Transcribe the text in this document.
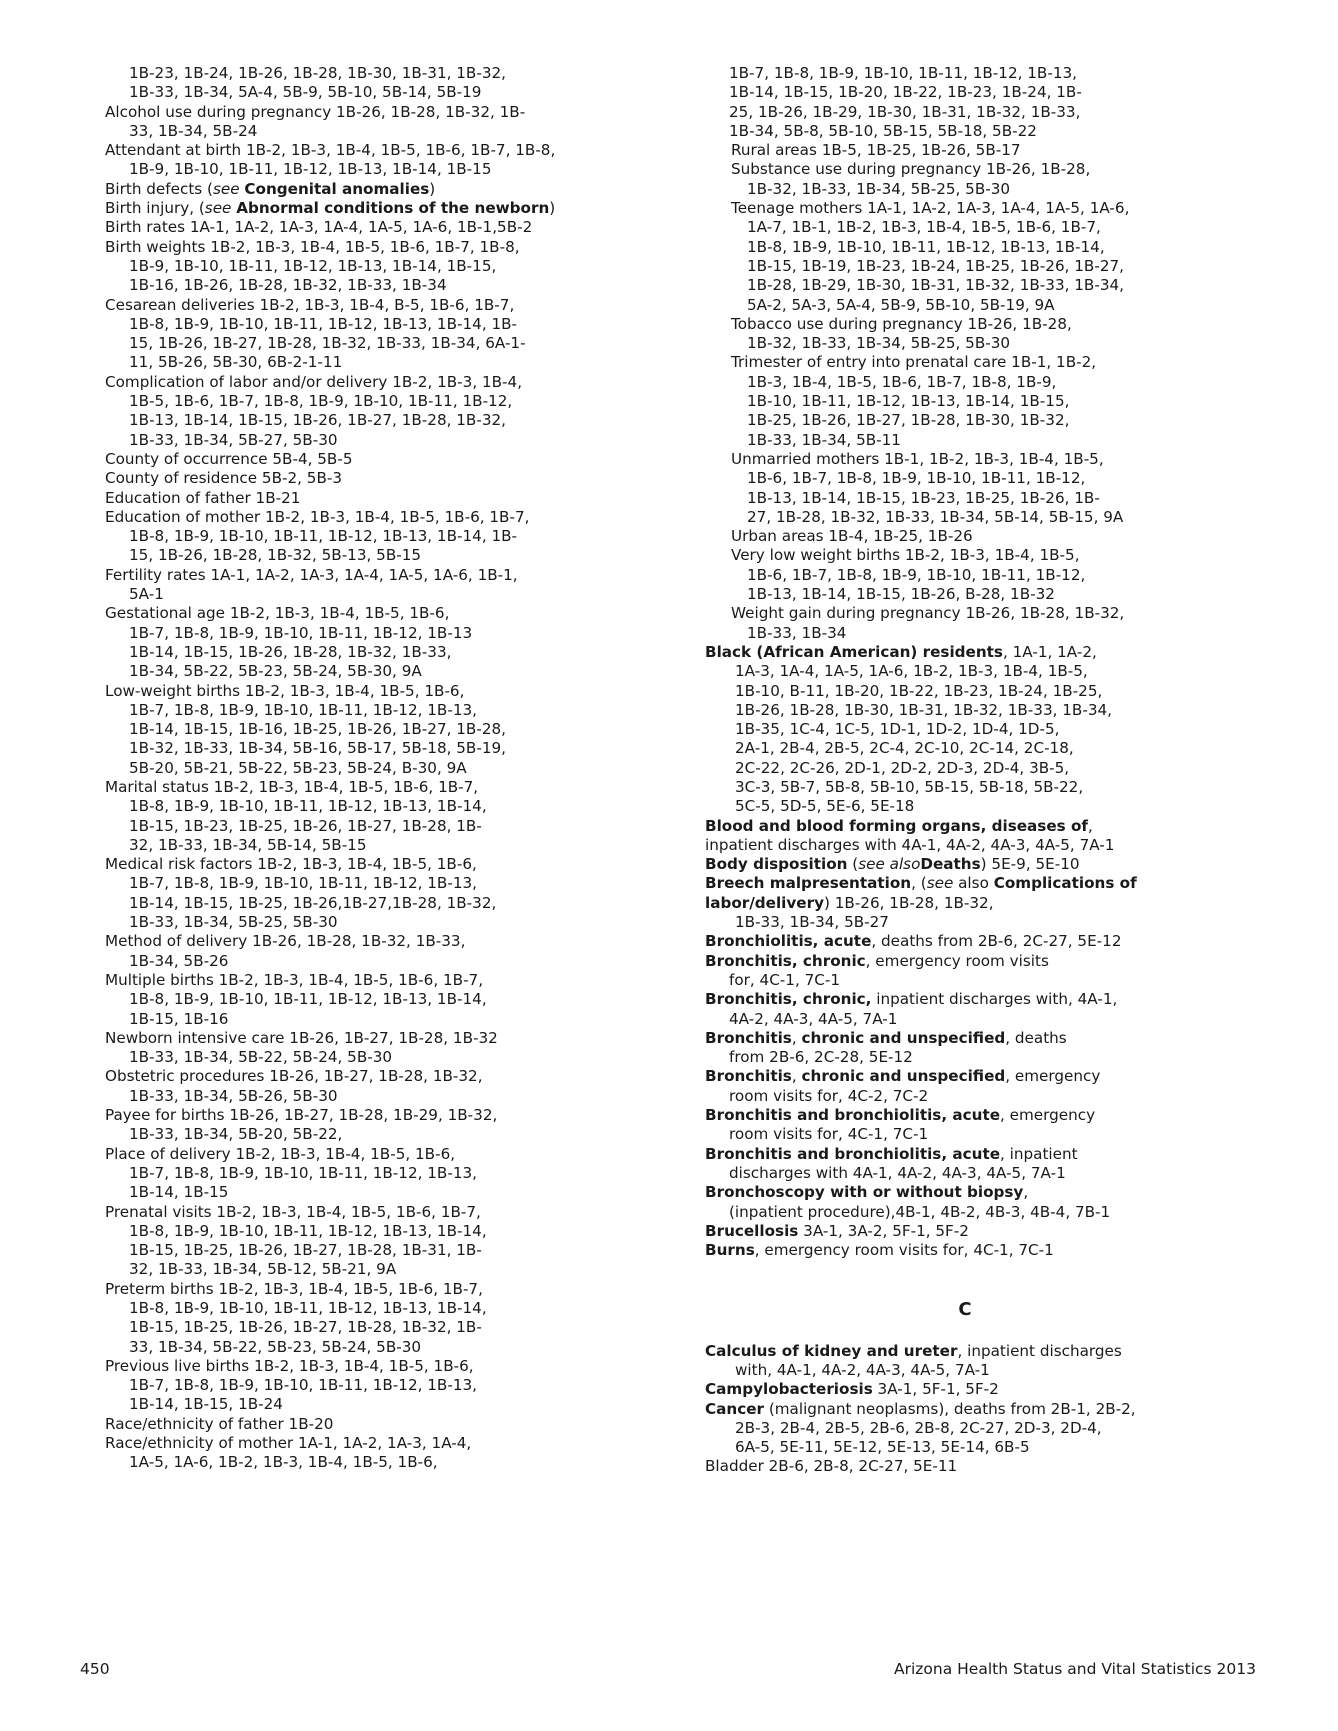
1B-23, 1B-24, 1B-26, 1B-28, 1B-30, 1B-31, 1B-32,
1B-33, 1B-34, 5A-4, 5B-9, 5B-10, 5B-14, 5B-19
Alcohol use during pregnancy 1B-26, 1B-28, 1B-32, 1B-
33, 1B-34, 5B-24
Attendant at birth 1B-2, 1B-3, 1B-4, 1B-5, 1B-6, 1B-7, 1B-8,
1B-9, 1B-10, 1B-11, 1B-12, 1B-13, 1B-14, 1B-15
Birth defects (see Congenital anomalies)
Birth injury, (see Abnormal conditions of the newborn)
Birth rates 1A-1, 1A-2, 1A-3, 1A-4, 1A-5, 1A-6, 1B-1,5B-2
Birth weights 1B-2, 1B-3, 1B-4, 1B-5, 1B-6, 1B-7, 1B-8,
1B-9, 1B-10, 1B-11, 1B-12, 1B-13, 1B-14, 1B-15,
1B-16, 1B-26, 1B-28, 1B-32, 1B-33, 1B-34
Cesarean deliveries 1B-2, 1B-3, 1B-4, B-5, 1B-6, 1B-7,
1B-8, 1B-9, 1B-10, 1B-11, 1B-12, 1B-13, 1B-14, 1B-
15, 1B-26, 1B-27, 1B-28, 1B-32, 1B-33, 1B-34, 6A-1-
11, 5B-26, 5B-30, 6B-2-1-11
Complication of labor and/or delivery 1B-2, 1B-3, 1B-4,
1B-5, 1B-6, 1B-7, 1B-8, 1B-9, 1B-10, 1B-11, 1B-12,
1B-13, 1B-14, 1B-15, 1B-26, 1B-27, 1B-28, 1B-32,
1B-33, 1B-34, 5B-27, 5B-30
County of occurrence 5B-4, 5B-5
County of residence 5B-2, 5B-3
Education of father 1B-21
Education of mother 1B-2, 1B-3, 1B-4, 1B-5, 1B-6, 1B-7,
1B-8, 1B-9, 1B-10, 1B-11, 1B-12, 1B-13, 1B-14, 1B-
15, 1B-26, 1B-28, 1B-32, 5B-13, 5B-15
Fertility rates 1A-1, 1A-2, 1A-3, 1A-4, 1A-5, 1A-6, 1B-1,
5A-1
Gestational age 1B-2, 1B-3, 1B-4, 1B-5, 1B-6,
1B-7, 1B-8, 1B-9, 1B-10, 1B-11, 1B-12, 1B-13
1B-14, 1B-15, 1B-26, 1B-28, 1B-32, 1B-33,
1B-34, 5B-22, 5B-23, 5B-24, 5B-30, 9A
Low-weight births 1B-2, 1B-3, 1B-4, 1B-5, 1B-6,
1B-7, 1B-8, 1B-9, 1B-10, 1B-11, 1B-12, 1B-13,
1B-14, 1B-15, 1B-16, 1B-25, 1B-26, 1B-27, 1B-28,
1B-32, 1B-33, 1B-34, 5B-16, 5B-17, 5B-18, 5B-19,
5B-20, 5B-21, 5B-22, 5B-23, 5B-24, B-30, 9A
Marital status 1B-2, 1B-3, 1B-4, 1B-5, 1B-6, 1B-7,
1B-8, 1B-9, 1B-10, 1B-11, 1B-12, 1B-13, 1B-14,
1B-15, 1B-23, 1B-25, 1B-26, 1B-27, 1B-28, 1B-
32, 1B-33, 1B-34, 5B-14, 5B-15
Medical risk factors 1B-2, 1B-3, 1B-4, 1B-5, 1B-6,
1B-7, 1B-8, 1B-9, 1B-10, 1B-11, 1B-12, 1B-13,
1B-14, 1B-15, 1B-25, 1B-26,1B-27,1B-28, 1B-32,
1B-33, 1B-34, 5B-25, 5B-30
Method of delivery 1B-26, 1B-28, 1B-32, 1B-33,
1B-34, 5B-26
Multiple births 1B-2, 1B-3, 1B-4, 1B-5, 1B-6, 1B-7,
1B-8, 1B-9, 1B-10, 1B-11, 1B-12, 1B-13, 1B-14,
1B-15, 1B-16
Newborn intensive care 1B-26, 1B-27, 1B-28, 1B-32
1B-33, 1B-34, 5B-22, 5B-24, 5B-30
Obstetric procedures 1B-26, 1B-27, 1B-28, 1B-32,
1B-33, 1B-34, 5B-26, 5B-30
Payee for births 1B-26, 1B-27, 1B-28, 1B-29, 1B-32,
1B-33, 1B-34, 5B-20, 5B-22,
Place of delivery 1B-2, 1B-3, 1B-4, 1B-5, 1B-6,
1B-7, 1B-8, 1B-9, 1B-10, 1B-11, 1B-12, 1B-13,
1B-14, 1B-15
Prenatal visits 1B-2, 1B-3, 1B-4, 1B-5, 1B-6, 1B-7,
1B-8, 1B-9, 1B-10, 1B-11, 1B-12, 1B-13, 1B-14,
1B-15, 1B-25, 1B-26, 1B-27, 1B-28, 1B-31, 1B-
32, 1B-33, 1B-34, 5B-12, 5B-21, 9A
Preterm births 1B-2, 1B-3, 1B-4, 1B-5, 1B-6, 1B-7,
1B-8, 1B-9, 1B-10, 1B-11, 1B-12, 1B-13, 1B-14,
1B-15, 1B-25, 1B-26, 1B-27, 1B-28, 1B-32, 1B-
33, 1B-34, 5B-22, 5B-23, 5B-24, 5B-30
Previous live births 1B-2, 1B-3, 1B-4, 1B-5, 1B-6,
1B-7, 1B-8, 1B-9, 1B-10, 1B-11, 1B-12, 1B-13,
1B-14, 1B-15, 1B-24
Race/ethnicity of father 1B-20
Race/ethnicity of mother 1A-1, 1A-2, 1A-3, 1A-4,
1A-5, 1A-6, 1B-2, 1B-3, 1B-4, 1B-5, 1B-6,
1B-7, 1B-8, 1B-9, 1B-10, 1B-11, 1B-12, 1B-13,
1B-14, 1B-15, 1B-20, 1B-22, 1B-23, 1B-24, 1B-
25, 1B-26, 1B-29, 1B-30, 1B-31, 1B-32, 1B-33,
1B-34, 5B-8, 5B-10, 5B-15, 5B-18, 5B-22
Rural areas 1B-5, 1B-25, 1B-26, 5B-17
Substance use during pregnancy 1B-26, 1B-28,
1B-32, 1B-33, 1B-34, 5B-25, 5B-30
Teenage mothers 1A-1, 1A-2, 1A-3, 1A-4, 1A-5, 1A-6,
1A-7, 1B-1, 1B-2, 1B-3, 1B-4, 1B-5, 1B-6, 1B-7,
1B-8, 1B-9, 1B-10, 1B-11, 1B-12, 1B-13, 1B-14,
1B-15, 1B-19, 1B-23, 1B-24, 1B-25, 1B-26, 1B-27,
1B-28, 1B-29, 1B-30, 1B-31, 1B-32, 1B-33, 1B-34,
5A-2, 5A-3, 5A-4, 5B-9, 5B-10, 5B-19, 9A
Tobacco use during pregnancy 1B-26, 1B-28,
1B-32, 1B-33, 1B-34, 5B-25, 5B-30
Trimester of entry into prenatal care 1B-1, 1B-2,
1B-3, 1B-4, 1B-5, 1B-6, 1B-7, 1B-8, 1B-9,
1B-10, 1B-11, 1B-12, 1B-13, 1B-14, 1B-15,
1B-25, 1B-26, 1B-27, 1B-28, 1B-30, 1B-32,
1B-33, 1B-34, 5B-11
Unmarried mothers 1B-1, 1B-2, 1B-3, 1B-4, 1B-5,
1B-6, 1B-7, 1B-8, 1B-9, 1B-10, 1B-11, 1B-12,
1B-13, 1B-14, 1B-15, 1B-23, 1B-25, 1B-26, 1B-
27, 1B-28, 1B-32, 1B-33, 1B-34, 5B-14, 5B-15, 9A
Urban areas 1B-4, 1B-25, 1B-26
Very low weight births 1B-2, 1B-3, 1B-4, 1B-5,
1B-6, 1B-7, 1B-8, 1B-9, 1B-10, 1B-11, 1B-12,
1B-13, 1B-14, 1B-15, 1B-26, B-28, 1B-32
Weight gain during pregnancy 1B-26, 1B-28, 1B-32,
1B-33, 1B-34
Black (African American) residents, 1A-1, 1A-2,
1A-3, 1A-4, 1A-5, 1A-6, 1B-2, 1B-3, 1B-4, 1B-5,
1B-10, B-11, 1B-20, 1B-22, 1B-23, 1B-24, 1B-25,
1B-26, 1B-28, 1B-30, 1B-31, 1B-32, 1B-33, 1B-34,
1B-35, 1C-4, 1C-5, 1D-1, 1D-2, 1D-4, 1D-5,
2A-1, 2B-4, 2B-5, 2C-4, 2C-10, 2C-14, 2C-18,
2C-22, 2C-26, 2D-1, 2D-2, 2D-3, 2D-4, 3B-5,
3C-3, 5B-7, 5B-8, 5B-10, 5B-15, 5B-18, 5B-22,
5C-5, 5D-5, 5E-6, 5E-18
Blood and blood forming organs, diseases of,
inpatient discharges with 4A-1, 4A-2, 4A-3, 4A-5, 7A-1
Body disposition (see alsoDeaths) 5E-9, 5E-10
Breech malpresentation, (see also Complications of
labor/delivery) 1B-26, 1B-28, 1B-32,
1B-33, 1B-34, 5B-27
Bronchiolitis, acute, deaths from 2B-6, 2C-27, 5E-12
Bronchitis, chronic, emergency room visits
for, 4C-1, 7C-1
Bronchitis, chronic, inpatient discharges with, 4A-1,
4A-2, 4A-3, 4A-5, 7A-1
Bronchitis, chronic and unspecified, deaths
from 2B-6, 2C-28, 5E-12
Bronchitis, chronic and unspecified, emergency
room visits for, 4C-2, 7C-2
Bronchitis and bronchiolitis, acute, emergency
room visits for, 4C-1, 7C-1
Bronchitis and bronchiolitis, acute, inpatient
discharges with 4A-1, 4A-2, 4A-3, 4A-5, 7A-1
Bronchoscopy with or without biopsy,
(inpatient procedure),4B-1, 4B-2, 4B-3, 4B-4, 7B-1
Brucellosis 3A-1, 3A-2, 5F-1, 5F-2
Burns, emergency room visits for, 4C-1, 7C-1
C
Calculus of kidney and ureter, inpatient discharges
with, 4A-1, 4A-2, 4A-3, 4A-5, 7A-1
Campylobacteriosis 3A-1, 5F-1, 5F-2
Cancer (malignant neoplasms), deaths from 2B-1, 2B-2,
2B-3, 2B-4, 2B-5, 2B-6, 2B-8, 2C-27, 2D-3, 2D-4,
6A-5, 5E-11, 5E-12, 5E-13, 5E-14, 6B-5
Bladder 2B-6, 2B-8, 2C-27, 5E-11
450	Arizona Health Status and Vital Statistics 2013
